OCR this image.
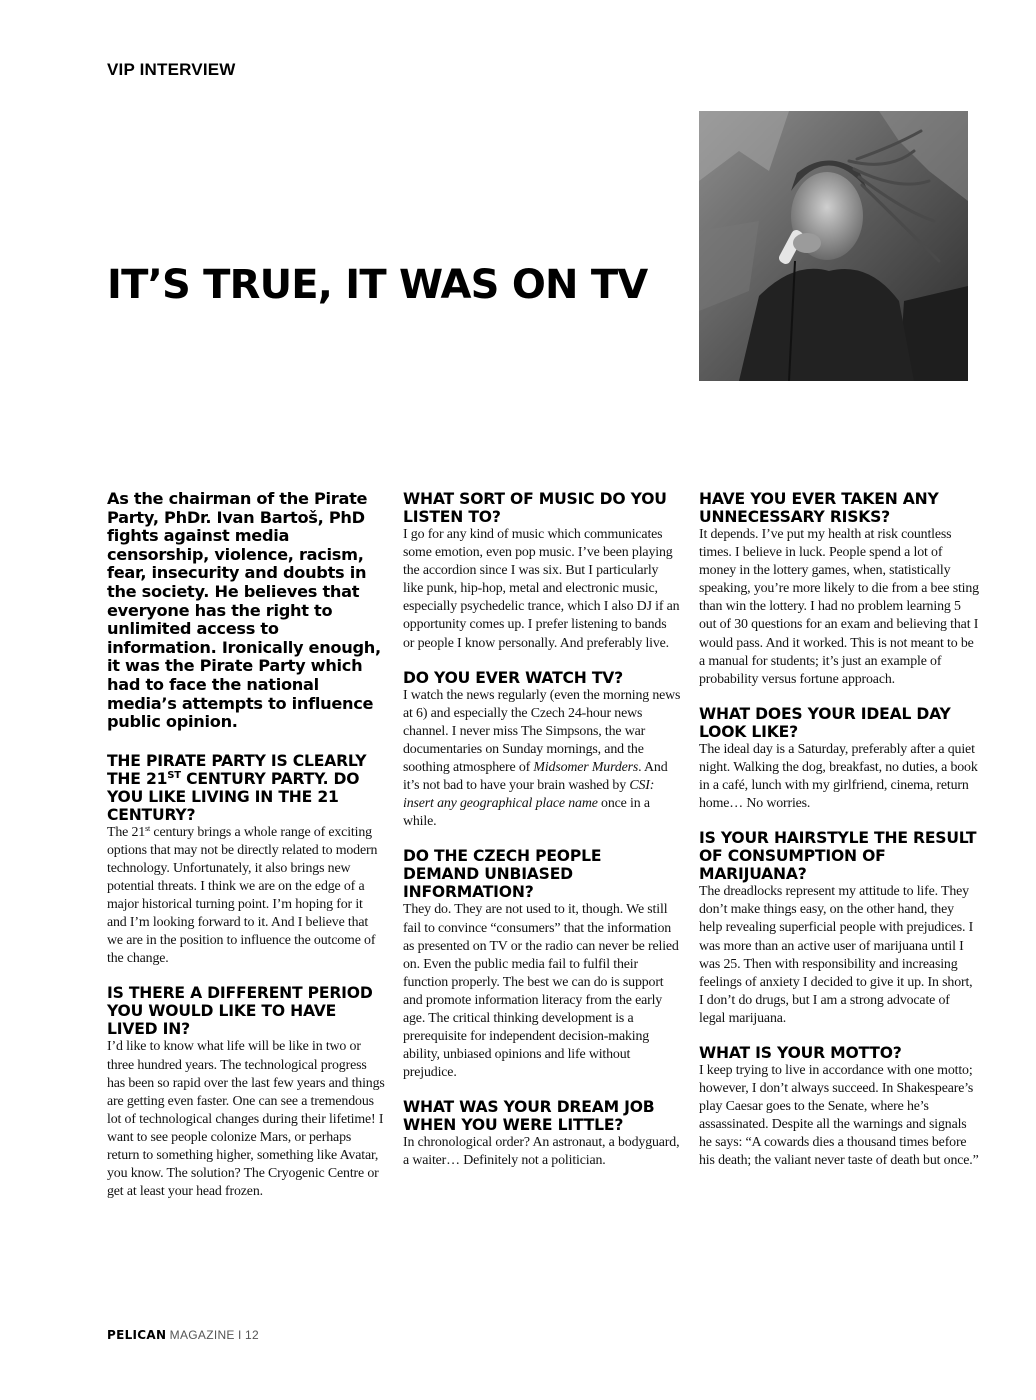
VIP INTERVIEW
IT’S TRUE, IT WAS ON TV

As the chairman of the Pirate Party, PhDr. Ivan Bartoš, PhD fights against media censorship, violence, racism, fear, insecurity and doubts in the society. He believes that everyone has the right to unlimited access to information. Ironically enough, it was the Pirate Party which had to face the national media’s attempts to influence public opinion.

THE PIRATE PARTY IS CLEARLY THE 21ST CENTURY PARTY. DO YOU LIKE LIVING IN THE 21 CENTURY?

The 21st century brings a whole range of exciting options that may not be directly related to modern technology. Unfortunately, it also brings new potential threats. I think we are on the edge of a major historical turning point. I’m hoping for it and I’m looking forward to it. And I believe that we are in the position to influence the outcome of the change.

IS THERE A DIFFERENT PERIOD YOU WOULD LIKE TO HAVE LIVED IN?

I’d like to know what life will be like in two or three hundred years. The technological progress has been so rapid over the last few years and things are getting even faster. One can see a tremendous lot of technological changes during their lifetime! I want to see people colonize Mars, or perhaps return to something higher, something like Avatar, you know. The solution? The Cryogenic Centre or get at least your head frozen.

WHAT SORT OF MUSIC DO YOU LISTEN TO?

I go for any kind of music which communicates some emotion, even pop music. I’ve been playing the accordion since I was six. But I particularly like punk, hip-hop, metal and electronic music, especially psychedelic trance, which I also DJ if an opportunity comes up. I prefer listening to bands or people I know personally. And preferably live.

DO YOU EVER WATCH TV?

I watch the news regularly (even the morning news at 6) and especially the Czech 24-hour news channel. I never miss The Simpsons, the war documentaries on Sunday mornings, and the soothing atmosphere of Midsomer Murders. And it’s not bad to have your brain washed by CSI: insert any geographical place name once in a while.

DO THE CZECH PEOPLE DEMAND UNBIASED INFORMATION?

They do. They are not used to it, though. We still fail to convince “consumers” that the information as presented on TV or the radio can never be relied on. Even the public media fail to fulfil their function properly. The best we can do is support and promote information literacy from the early age. The critical thinking development is a prerequisite for independent decision-making ability, unbiased opinions and life without prejudice.

WHAT WAS YOUR DREAM JOB WHEN YOU WERE LITTLE?

In chronological order? An astronaut, a bodyguard, a waiter… Definitely not a politician.

HAVE YOU EVER TAKEN ANY UNNECESSARY RISKS?

It depends. I’ve put my health at risk countless times. I believe in luck. People spend a lot of money in the lottery games, when, statistically speaking, you’re more likely to die from a bee sting than win the lottery. I had no problem learning 5 out of 30 questions for an exam and believing that I would pass. And it worked. This is not meant to be a manual for students; it’s just an example of probability versus fortune approach.

WHAT DOES YOUR IDEAL DAY LOOK LIKE?

The ideal day is a Saturday, preferably after a quiet night. Walking the dog, breakfast, no duties, a book in a café, lunch with my girlfriend, cinema, return home… No worries.

IS YOUR HAIRSTYLE THE RESULT OF CONSUMPTION OF MARIJUANA?

The dreadlocks represent my attitude to life. They don’t make things easy, on the other hand, they help revealing superficial people with prejudices. I was more than an active user of marijuana until I was 25. Then with responsibility and increasing feelings of anxiety I decided to give it up. In short, I don’t do drugs, but I am a strong advocate of legal marijuana.

WHAT IS YOUR MOTTO?

I keep trying to live in accordance with one motto; however, I don’t always succeed. In Shakespeare’s play Caesar goes to the Senate, where he’s assassinated. Despite all the warnings and signals he says: “A cowards dies a thousand times before his death; the valiant never taste of death but once.”

PELICAN MAGAZINE I 12
